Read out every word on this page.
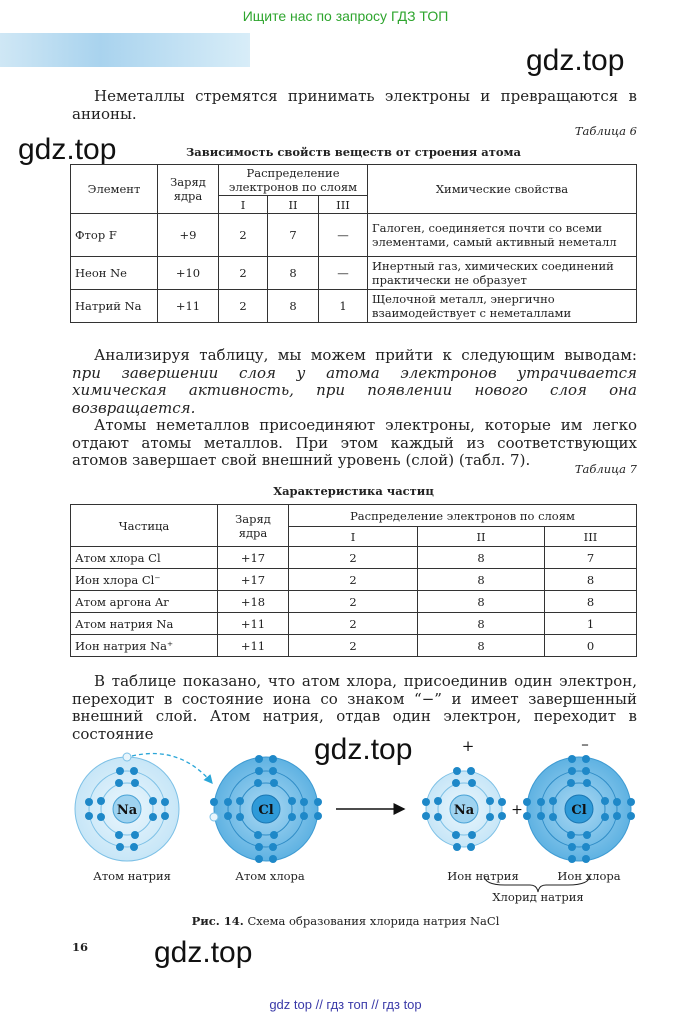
Ищите нас по запросу ГДЗ ТОП
gdz.top
gdz.top
gdz.top
gdz.top

Неметаллы стремятся принимать электроны и превращаются в анионы.

Таблица 6
Зависимость свойств веществ от строения атома
Элемент	Заряд ядра	Распределение электронов по слоям			Химические свойства
		I	II	III	
Фтор F	+9	2	7	—	Галоген, соединяется почти со всеми элементами, самый активный неметалл
Неон Ne	+10	2	8	—	Инертный газ, химических соединений практически не образует
Натрий Na	+11	2	8	1	Щелочной металл, энергично взаимодействует с неметаллами

Анализируя таблицу, мы можем прийти к следующим выводам: при завершении слоя у атома электронов утрачивается химическая активность, при появлении нового слоя она возвращается.

Атомы неметаллов присоединяют электроны, которые им легко отдают атомы металлов. При этом каждый из соответствующих атомов завершает свой внешний уровень (слой) (табл. 7).	Таблица 7
Характеристика частиц
Частица	Заряд ядра	Распределение электронов по слоям		
		I	II	III
Атом хлора Cl	+17	2	8	7
Ион хлора Cl⁻	+17	2	8	8
Атом аргона Ar	+18	2	8	8
Атом натрия Na	+11	2	8	1
Ион натрия Na⁺	+11	2	8	0

В таблице показано, что атом хлора, присоединив один электрон, переходит в состояние иона со знаком “−” и имеет завершенный внешний слой. Атом натрия, отдав один электрон, переходит в состояние

Na	Cl	Na
+
+	Cl
–
Атом натрия	Атом хлора	Ион натрия	Ион хлора
Хлорид натрия
Рис. 14. Схема образования хлорида натрия NaCl
16
gdz top // гдз топ // гдз top
